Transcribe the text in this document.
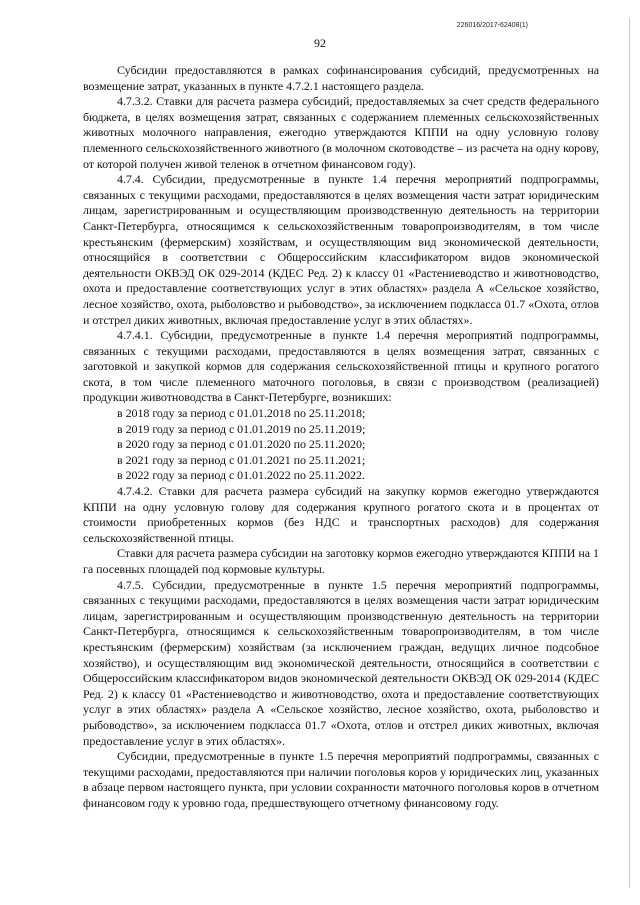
226016/2017-62408(1)
92

Субсидии предоставляются в рамках софинансирования субсидий, предусмотренных на возмещение затрат, указанных в пункте 4.7.2.1 настоящего раздела.

4.7.3.2. Ставки для расчета размера субсидий, предоставляемых за счет средств федерального бюджета, в целях возмещения затрат, связанных с содержанием племенных сельскохозяйственных животных молочного направления, ежегодно утверждаются КППИ на одну условную голову племенного сельскохозяйственного животного (в молочном скотоводстве – из расчета на одну корову, от которой получен живой теленок в отчетном финансовом году).

4.7.4. Субсидии, предусмотренные в пункте 1.4 перечня мероприятий подпрограммы, связанных с текущими расходами, предоставляются в целях возмещения части затрат юридическим лицам, зарегистрированным и осуществляющим производственную деятельность на территории Санкт-Петербурга, относящимся к сельскохозяйственным товаропроизводителям, в том числе крестьянским (фермерским) хозяйствам, и осуществляющим вид экономической деятельности, относящийся в соответствии с Общероссийским классификатором видов экономической деятельности ОКВЭД ОК 029-2014 (КДЕС Ред. 2) к классу 01 «Растениеводство и животноводство, охота и предоставление соответствующих услуг в этих областях» раздела А «Сельское хозяйство, лесное хозяйство, охота, рыболовство и рыбоводство», за исключением подкласса 01.7 «Охота, отлов и отстрел диких животных, включая предоставление услуг в этих областях».

4.7.4.1. Субсидии, предусмотренные в пункте 1.4 перечня мероприятий подпрограммы, связанных с текущими расходами, предоставляются в целях возмещения затрат, связанных с заготовкой и закупкой кормов для содержания сельскохозяйственной птицы и крупного рогатого скота, в том числе племенного маточного поголовья, в связи с производством (реализацией) продукции животноводства в Санкт-Петербурге, возникших:

в 2018 году за период с 01.01.2018 по 25.11.2018;

в 2019 году за период с 01.01.2019 по 25.11.2019;

в 2020 году за период с 01.01.2020 по 25.11.2020;

в 2021 году за период с 01.01.2021 по 25.11.2021;

в 2022 году за период с 01.01.2022 по 25.11.2022.

4.7.4.2. Ставки для расчета размера субсидий на закупку кормов ежегодно утверждаются КППИ на одну условную голову для содержания крупного рогатого скота и в процентах от стоимости приобретенных кормов (без НДС и транспортных расходов) для содержания сельскохозяйственной птицы.

Ставки для расчета размера субсидии на заготовку кормов ежегодно утверждаются КППИ на 1 га посевных площадей под кормовые культуры.

4.7.5. Субсидии, предусмотренные в пункте 1.5 перечня мероприятий подпрограммы, связанных с текущими расходами, предоставляются в целях возмещения части затрат юридическим лицам, зарегистрированным и осуществляющим производственную деятельность на территории Санкт-Петербурга, относящимся к сельскохозяйственным товаропроизводителям, в том числе крестьянским (фермерским) хозяйствам (за исключением граждан, ведущих личное подсобное хозяйство), и осуществляющим вид экономической деятельности, относящийся в соответствии с Общероссийским классификатором видов экономической деятельности ОКВЭД ОК 029-2014 (КДЕС Ред. 2) к классу 01 «Растениеводство и животноводство, охота и предоставление соответствующих услуг в этих областях» раздела А «Сельское хозяйство, лесное хозяйство, охота, рыболовство и рыбоводство», за исключением подкласса 01.7 «Охота, отлов и отстрел диких животных, включая предоставление услуг в этих областях».

Субсидии, предусмотренные в пункте 1.5 перечня мероприятий подпрограммы, связанных с текущими расходами, предоставляются при наличии поголовья коров у юридических лиц, указанных в абзаце первом настоящего пункта, при условии сохранности маточного поголовья коров в отчетном финансовом году к уровню года, предшествующего отчетному финансовому году.
